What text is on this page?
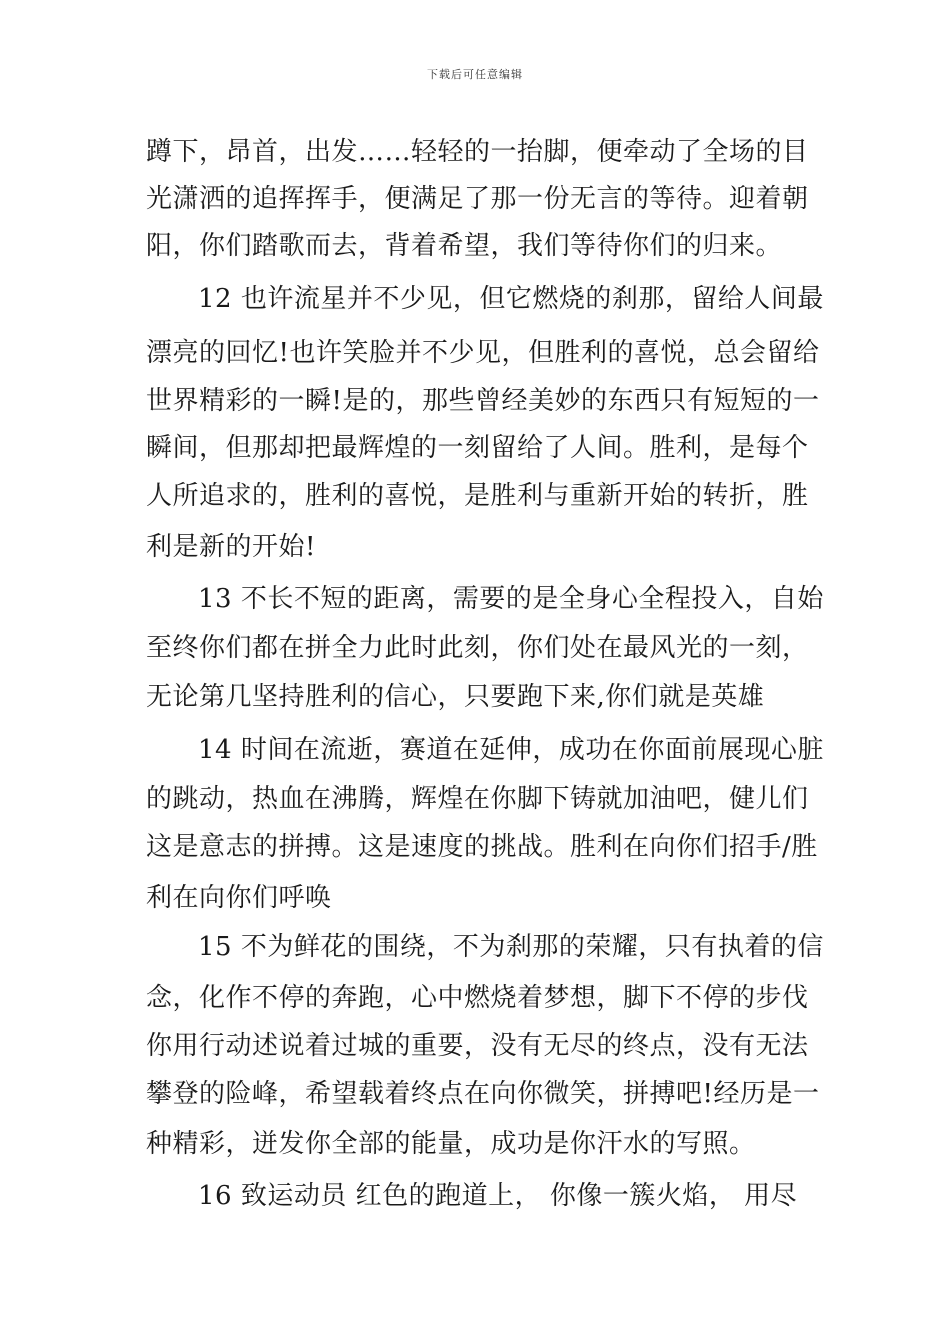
下载后可任意编辑
蹲下，昂首，出发……轻轻的一抬脚，便牵动了全场的目
光潇洒的追挥挥手，便满足了那一份无言的等待。迎着朝
阳，你们踏歌而去，背着希望，我们等待你们的归来。
12 也许流星并不少见，但它燃烧的刹那，留给人间最
漂亮的回忆!也许笑脸并不少见，但胜利的喜悦，总会留给
世界精彩的一瞬!是的，那些曾经美妙的东西只有短短的一
瞬间，但那却把最辉煌的一刻留给了人间。胜利，是每个
人所追求的，胜利的喜悦，是胜利与重新开始的转折，胜
利是新的开始!
13 不长不短的距离，需要的是全身心全程投入，自始
至终你们都在拼全力此时此刻，你们处在最风光的一刻，
无论第几坚持胜利的信心，只要跑下来,你们就是英雄
14 时间在流逝，赛道在延伸，成功在你面前展现心脏
的跳动，热血在沸腾，辉煌在你脚下铸就加油吧，健儿们
这是意志的拼搏。这是速度的挑战。胜利在向你们招手/胜
利在向你们呼唤
15 不为鲜花的围绕，不为刹那的荣耀，只有执着的信
念，化作不停的奔跑，心中燃烧着梦想，脚下不停的步伐
你用行动述说着过城的重要，没有无尽的终点，没有无法
攀登的险峰，希望载着终点在向你微笑，拼搏吧!经历是一
种精彩，迸发你全部的能量，成功是你汗水的写照。
16 致运动员 红色的跑道上， 你像一簇火焰， 用尽
